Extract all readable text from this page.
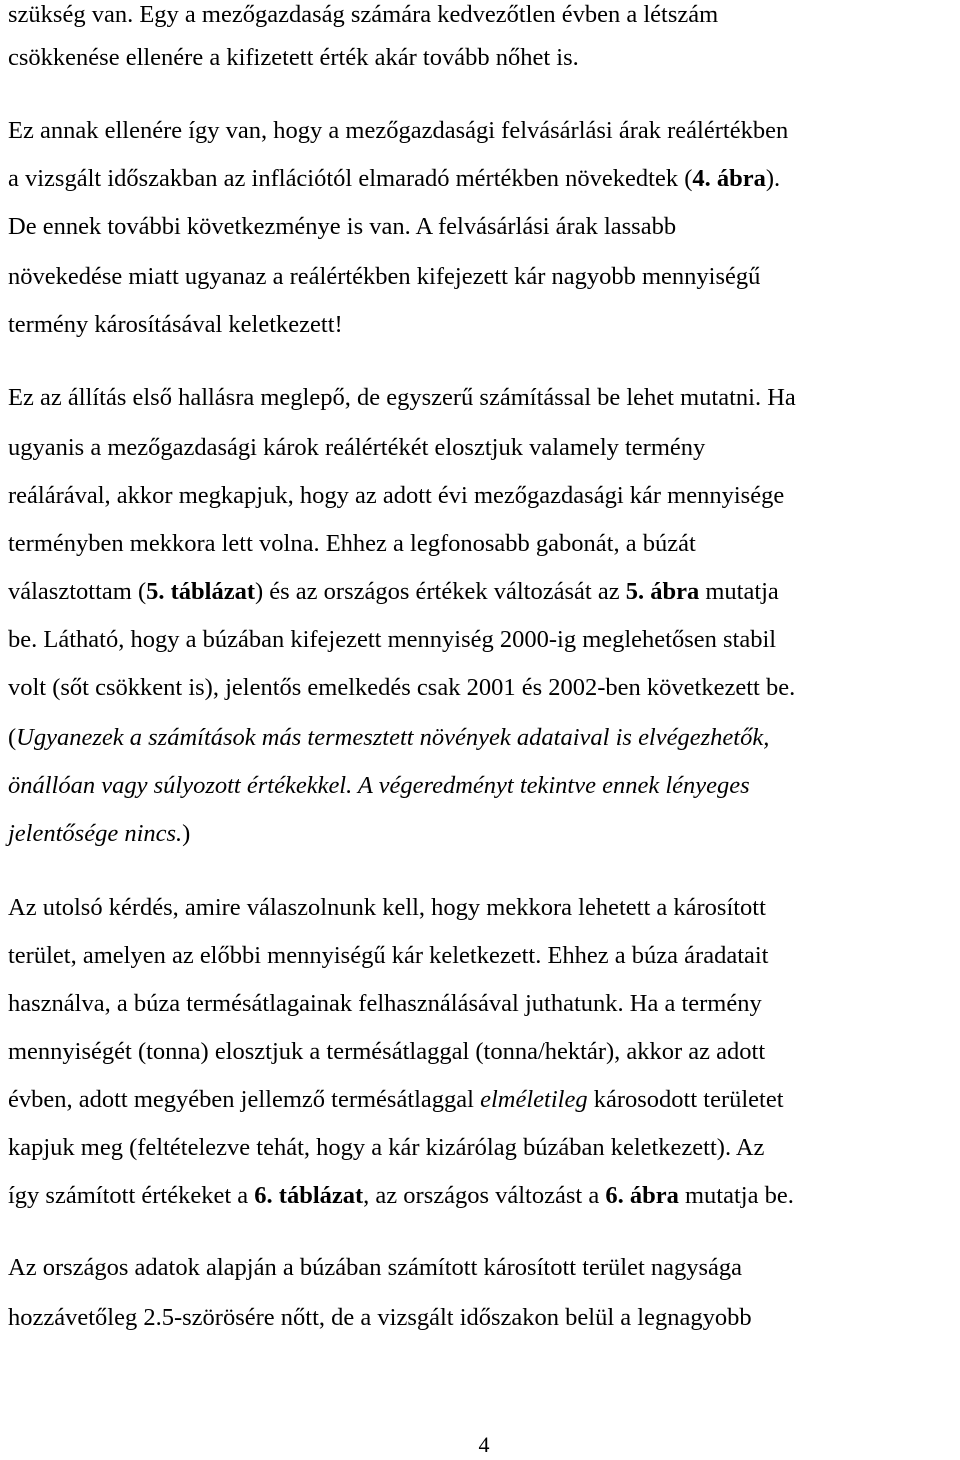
szükség van. Egy a mezőgazdaság számára kedvezőtlen évben a létszám
csökkenése ellenére a kifizetett érték akár tovább nőhet is.
Ez annak ellenére így van, hogy a mezőgazdasági felvásárlási árak reálértékben
a vizsgált időszakban az inflációtól elmaradó mértékben növekedtek (4. ábra).
De ennek további következménye is van. A felvásárlási árak lassabb
növekedése miatt ugyanaz a reálértékben kifejezett kár nagyobb mennyiségű
termény károsításával keletkezett!
Ez az állítás első hallásra meglepő, de egyszerű számítással be lehet mutatni. Ha
ugyanis a mezőgazdasági károk reálértékét elosztjuk valamely termény
reálárával, akkor megkapjuk, hogy az adott évi mezőgazdasági kár mennyisége
terményben mekkora lett volna. Ehhez a legfonosabb gabonát, a búzát
választottam (5. táblázat) és az országos értékek változását az 5. ábra mutatja
be. Látható, hogy a búzában kifejezett mennyiség 2000-ig meglehetősen stabil
volt (sőt csökkent is), jelentős emelkedés csak 2001 és 2002-ben következett be.
(Ugyanezek a számítások más termesztett növények adataival is elvégezhetők,
önállóan vagy súlyozott értékekkel. A végeredményt tekintve ennek lényeges
jelentősége nincs.)
Az utolsó kérdés, amire válaszolnunk kell, hogy mekkora lehetett a károsított
terület, amelyen az előbbi mennyiségű kár keletkezett. Ehhez a búza áradatait
használva, a búza termésátlagainak felhasználásával juthatunk. Ha a termény
mennyiségét (tonna) elosztjuk a termésátlaggal (tonna/hektár), akkor az adott
évben, adott megyében jellemző termésátlaggal elméletileg károsodott területet
kapjuk meg (feltételezve tehát, hogy a kár kizárólag búzában keletkezett). Az
így számított értékeket a 6. táblázat, az országos változást a 6. ábra mutatja be.
Az országos adatok alapján a búzában számított károsított terület nagysága
hozzávetőleg 2.5-szörösére nőtt, de a vizsgált időszakon belül a legnagyobb
4
